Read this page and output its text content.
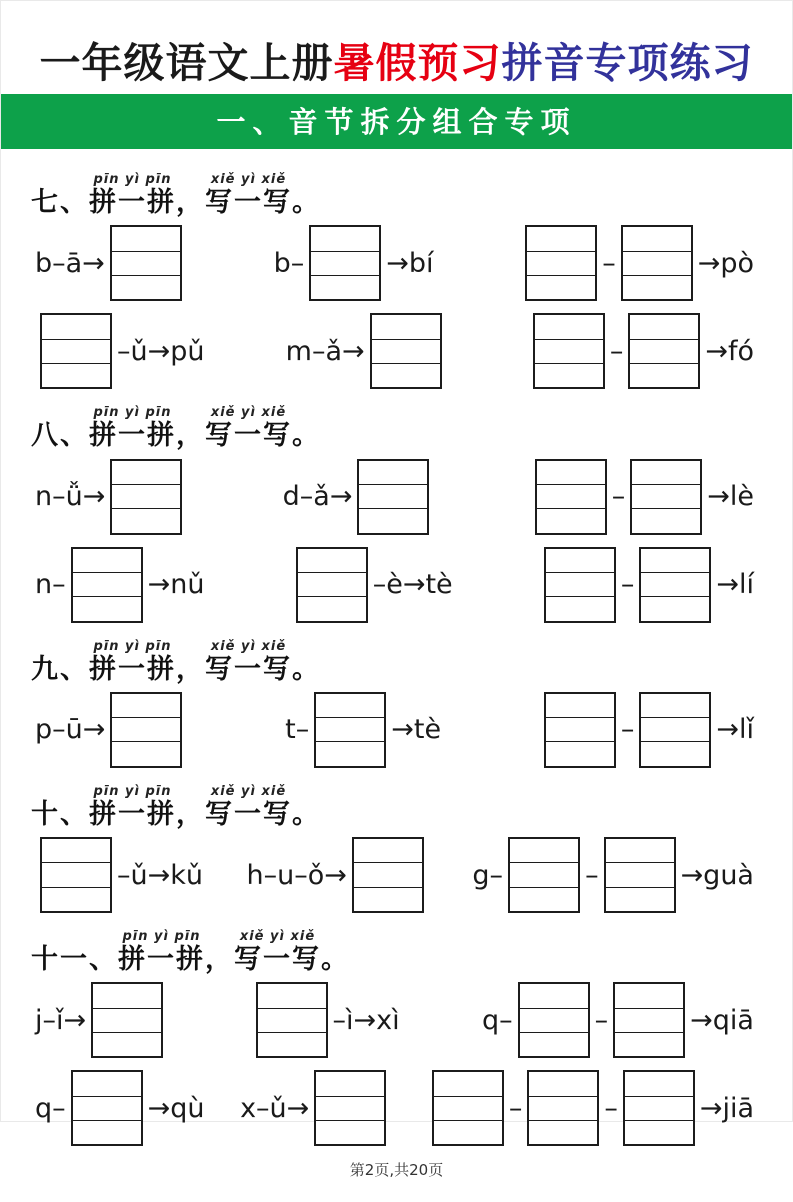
一年级语文上册暑假预习拼音专项练习
一、音节拆分组合专项

七、
pīn yì pīn
拼一拼
，
xiě yì xiě
写一写
。
b–ā→	b–	→bí	–	→pò
–ǔ→pǔ	m–ǎ→	–	→fó

八、
pīn yì pīn
拼一拼
，
xiě yì xiě
写一写
。
n–ǚ→	d–ǎ→	–	→lè
n–	→nǔ	–è→tè	–	→lí

九、
pīn yì pīn
拼一拼
，
xiě yì xiě
写一写
。
p–ū→	t–	→tè	–	→lǐ

十、
pīn yì pīn
拼一拼
，
xiě yì xiě
写一写
。
–ǔ→kǔ h–u–ǒ→	g–	–	→guà

十一、
pīn yì pīn
拼一拼
，
xiě yì xiě
写一写
。
j–ǐ→	–ì→xì	q–	–	→qiā
q–	→qù x–ǔ→	–	–	→jiā
第2页,共20页
